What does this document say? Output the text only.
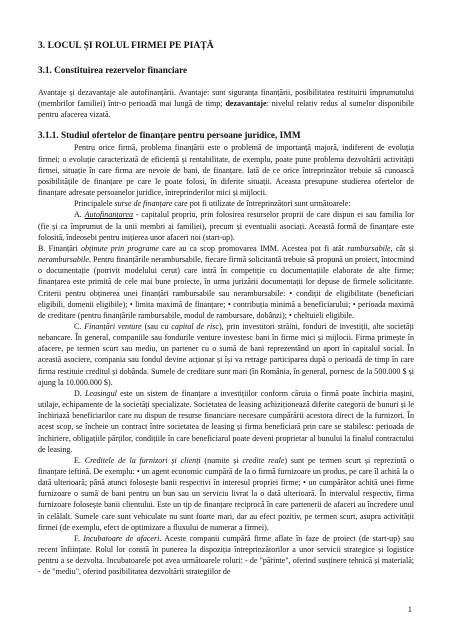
3. LOCUL ȘI ROLUL FIRMEI PE PIAȚĂ
3.1. Constituirea rezervelor financiare

Avantaje și dezavantaje ale autofinanțării. Avantaje: sunt siguranța finanțării, posibilitatea restituirii împrumutului (membrilor familiei) într-o perioadă mai lungă de timp; dezavantaje: nivelul relativ redus al sumelor disponibile pentru afacerea vizată.

3.1.1. Studiul ofertelor de finanțare pentru persoane juridice, IMM

Pentru orice firmă, problema finanțării este o problemă de importanță majoră, indiferent de evoluția firmei; o evoluție caracterizată de eficiență și rentabilitate, de exemplu, poate pune problema dezvoltării activității firmei, situație în care firma are nevoie de bani, de finanțare. Iată de ce orice întreprinzător trebuie să cunoască posibilitățile de finanțare pe care le poate folosi, în diferite situații. Aceasta presupune studierea ofertelor de finanțare adresate persoanelor juridice, întreprinderilor mici și mijlocii.

Principalele surse de finanțare care pot fi utilizate de întreprinzători sunt următoarele:

A. Autofinanțarea - capitalul propriu, prin folosirea resurselor proprii de care dispun ei sau familia lor (fie și ca împrumut de la unii membri ai familiei), precum și eventualii asociați. Această formă de finanțare este folosită, îndeosebi pentru inițierea unor afaceri noi (start-up).

B. Finanțări obținute prin programe care au ca scop promovarea IMM. Acestea pot fi atât rambursabile, cât și nerambursabile. Pentru finanțările nerambursabile, fiecare firmă solicitantă trebuie să propună un proiect, întocmind o documentație (potrivit modelului cerut) care intră în competiție cu documentațiile elaborate de alte firme; finanțarea este primită de cele mai bune proiecte, în urma jurizării documentații lor depuse de firmele solicitante. Criterii pentru obținerea unei finanțări rambursabile sau nerambursabile: • condiții de eligibilitate (beneficiari eligibili, domenii eligibile); • limita maximă de finanțare; • contribuția minimă a beneficiarului; • perioada maximă de creditare (pentru finanțările rambursabile, modul de rambursare, dobânzi); • cheltuieli eligibile.

C. Finanțări venture (sau cu capital de risc), prin investitori străini, fonduri de investiții, alte societăți nebancare. În general, companiile sau fondurile venture investesc bani în firme mici și mijlocii. Firma primește în afacere, pe termen scurt sau mediu, un partener cu o sumă de bani reprezentând un aport în capitalul social. În această asociere, compania sau fondul devine acționar și își va retrage participarea după o perioadă de timp în care firma restituie creditul și dobânda. Sumele de creditare sunt mari (în România, în general, pornesc de la 500.000 $ și ajung la 10.000.000 $).

D. Leasingul este un sistem de finanțare a investițiilor conform căruia o firmă poate închiria mașini, utilaje, echipamente de la societăți specializate. Societatea de leasing achiziționează diferite categorii de bunuri și le închiriază beneficiarilor care nu dispun de resurse financiare necesare cumpărării acestora direct de la furnizori. În acest scop, se încheie un contract între societatea de leasing și firma beneficiară prin care se stabilesc: perioada de închiriere, obligațiile părților, condițiile în care beneficiarul poate deveni proprietar al bunului la finalul contractului de leasing.

E. Creditele de la furnizori și clienți (numite și credite reale) sunt pe termen scurt și reprezintă o finanțare ieftină. De exemplu: • un agent economic cumpără de la o firmă furnizoare un produs, pe care îl achită la o dată ulterioară; până atunci folosește banii respectivi în interesul propriei firme; • un cumpărător achită unei firme furnizoare o sumă de bani pentru un bun sau un serviciu livrat la o dată ulterioară. În intervalul respectiv, firma furnizoare folosește banii clientului. Este un tip de finanțare reciprocă în care partenerii de afaceri au încredere unul în celălalt. Sumele care sunt vehiculate nu sunt foarte mari, dar au efect pozitiv, pe termen scurt, asupra activității firmei (de exemplu, efect de optimizare a fluxului de numerar a firmei).

F. Incubatoare de afaceri. Aceste companii cumpără firme aflate în faze de proiect (de start-up) sau recent înființate. Rolul lor constă în punerea la dispoziția întreprinzătorilor a unor servicii strategice și logistice pentru a se dezvolta. Incubatoarele pot avea următoarele roluri: - de "părinte", oferind susținere tehnică și materială; - de "mediu", oferind posibilitatea dezvoltării strategiilor de

1
